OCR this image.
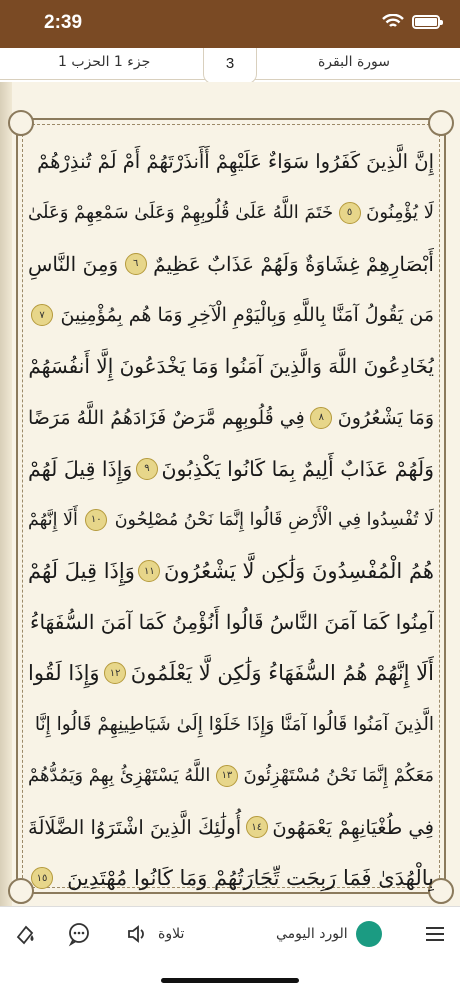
2:39
جزء 1 الحزب 1	سورة البقرة
3
إِنَّ الَّذِينَ كَفَرُوا سَوَاءٌ عَلَيْهِمْ أَأَنذَرْتَهُمْ أَمْ لَمْ تُنذِرْهُمْ
لَا يُؤْمِنُونَ
٥
خَتَمَ اللَّهُ عَلَىٰ قُلُوبِهِمْ وَعَلَىٰ سَمْعِهِمْ وَعَلَىٰ
أَبْصَارِهِمْ غِشَاوَةٌ وَلَهُمْ عَذَابٌ عَظِيمٌ
٦
وَمِنَ النَّاسِ
مَن يَقُولُ آمَنَّا بِاللَّهِ وَبِالْيَوْمِ الْآخِرِ وَمَا هُم بِمُؤْمِنِينَ
٧
يُخَادِعُونَ اللَّهَ وَالَّذِينَ آمَنُوا وَمَا يَخْدَعُونَ إِلَّا أَنفُسَهُمْ
وَمَا يَشْعُرُونَ
٨
فِي قُلُوبِهِم مَّرَضٌ فَزَادَهُمُ اللَّهُ مَرَضًا
وَلَهُمْ عَذَابٌ أَلِيمٌ بِمَا كَانُوا يَكْذِبُونَ
٩
وَإِذَا قِيلَ لَهُمْ
لَا تُفْسِدُوا فِي الْأَرْضِ قَالُوا إِنَّمَا نَحْنُ مُصْلِحُونَ
١٠
أَلَا إِنَّهُمْ
هُمُ الْمُفْسِدُونَ وَلَٰكِن لَّا يَشْعُرُونَ
١١
وَإِذَا قِيلَ لَهُمْ
آمِنُوا كَمَا آمَنَ النَّاسُ قَالُوا أَنُؤْمِنُ كَمَا آمَنَ السُّفَهَاءُ
أَلَا إِنَّهُمْ هُمُ السُّفَهَاءُ وَلَٰكِن لَّا يَعْلَمُونَ
١٢
وَإِذَا لَقُوا
الَّذِينَ آمَنُوا قَالُوا آمَنَّا وَإِذَا خَلَوْا إِلَىٰ شَيَاطِينِهِمْ قَالُوا إِنَّا
مَعَكُمْ إِنَّمَا نَحْنُ مُسْتَهْزِئُونَ
١٣
اللَّهُ يَسْتَهْزِئُ بِهِمْ وَيَمُدُّهُمْ
فِي طُغْيَانِهِمْ يَعْمَهُونَ
١٤
أُولَٰئِكَ الَّذِينَ اشْتَرَوُا الضَّلَالَةَ
بِالْهُدَىٰ فَمَا رَبِحَت تِّجَارَتُهُمْ وَمَا كَانُوا مُهْتَدِينَ
١٥
تلاوة	الورد اليومي
